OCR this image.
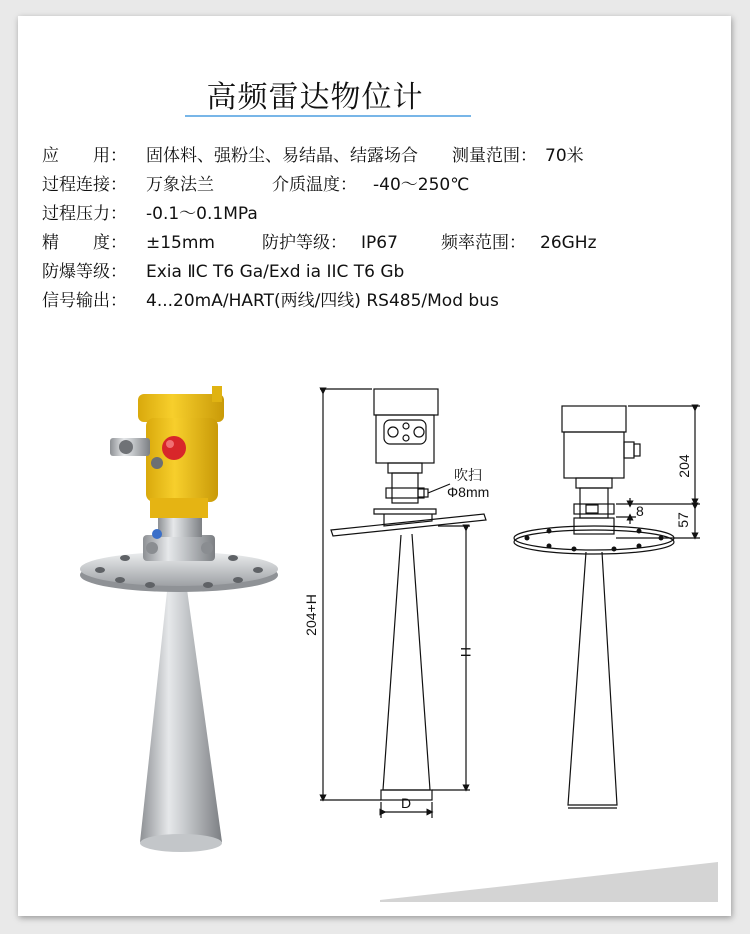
高频雷达物位计
应　　用：	固体料、强粉尘、易结晶、结露场合 测量范围： 70米
过程连接：	万象法兰	介质温度： -40～250℃
过程压力：	-0.1～0.1MPa
精　　度：	±15mm	防护等级： IP67	频率范围： 26GHz
防爆等级：	Exia ⅡC T6 Ga/Exd ia IIC T6 Gb
信号输出：	4...20mA/HART(两线/四线) RS485/Mod bus
吹扫
Φ8mm
204+H
H
D
204
57
8
